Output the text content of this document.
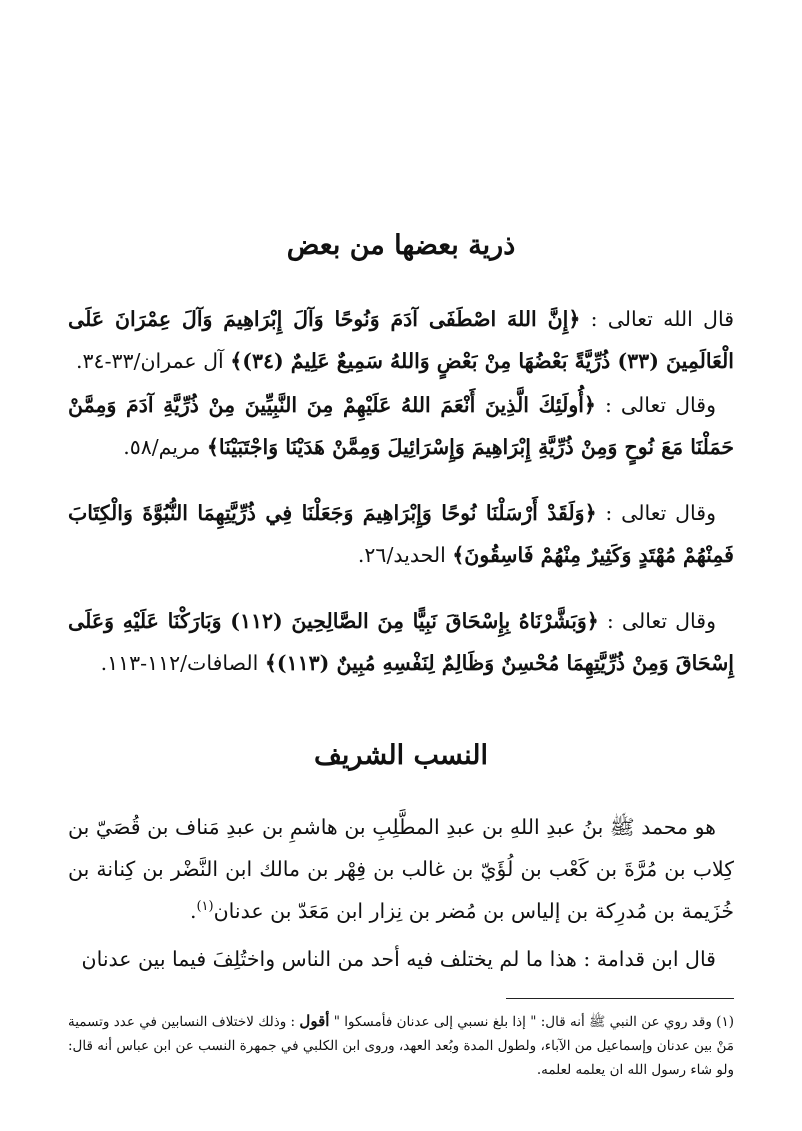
ذرية بعضها من بعض

قال الله تعالى : ﴿إِنَّ اللهَ اصْطَفَى آدَمَ وَنُوحًا وَآلَ إِبْرَاهِيمَ وَآلَ عِمْرَانَ عَلَى الْعَالَمِينَ (٣٣) ذُرِّيَّةً بَعْضُهَا مِنْ بَعْضٍ وَاللهُ سَمِيعٌ عَلِيمٌ (٣٤)﴾ آل عمران/٣٣-٣٤.

وقال تعالى : ﴿أُولَئِكَ الَّذِينَ أَنْعَمَ اللهُ عَلَيْهِمْ مِنَ النَّبِيِّينَ مِنْ ذُرِّيَّةِ آدَمَ وَمِمَّنْ حَمَلْنَا مَعَ نُوحٍ وَمِنْ ذُرِّيَّةِ إِبْرَاهِيمَ وَإِسْرَائِيلَ وَمِمَّنْ هَدَيْنَا وَاجْتَبَيْنَا﴾ مريم/٥٨.

وقال تعالى : ﴿وَلَقَدْ أَرْسَلْنَا نُوحًا وَإِبْرَاهِيمَ وَجَعَلْنَا فِي ذُرِّيَّتِهِمَا النُّبُوَّةَ وَالْكِتَابَ فَمِنْهُمْ مُهْتَدٍ وَكَثِيرٌ مِنْهُمْ فَاسِقُونَ﴾ الحديد/٢٦.

وقال تعالى : ﴿وَبَشَّرْنَاهُ بِإِسْحَاقَ نَبِيًّا مِنَ الصَّالِحِينَ (١١٢) وَبَارَكْنَا عَلَيْهِ وَعَلَى إِسْحَاقَ وَمِنْ ذُرِّيَّتِهِمَا مُحْسِنٌ وَظَالِمٌ لِنَفْسِهِ مُبِينٌ (١١٣)﴾ الصافات/١١٢-١١٣.

النسب الشريف

هو محمد ﷺ بنُ عبدِ اللهِ بن عبدِ المطَّلِبِ بن هاشمِ بن عبدِ مَناف بن قُصَيّ بن كِلاب بن مُرَّةَ بن كَعْب بن لُؤَيّ بن غالب بن فِهْر بن مالك ابن النَّضْر بن كِنانة بن خُزَيمة بن مُدرِكة بن إلياس بن مُضر بن نِزار ابن مَعَدّ بن عدنان$^{(١)}$.

قال ابن قدامة : هذا ما لم يختلف فيه أحد من الناس واختُلِفَ فيما بين عدنان

(١) وقد روي عن النبي ﷺ أنه قال: " إذا بلغ نسبي إلى عدنان فأمسكوا " أقول : وذلك لاختلاف النسابين في عدد وتسمية مَنْ بين عدنان وإسماعيل من الآباء، ولطول المدة وبُعد العهد، وروى ابن الكلبي في جمهرة النسب عن ابن عباس أنه قال: ولو شاء رسول الله ان يعلمه لعلمه.
